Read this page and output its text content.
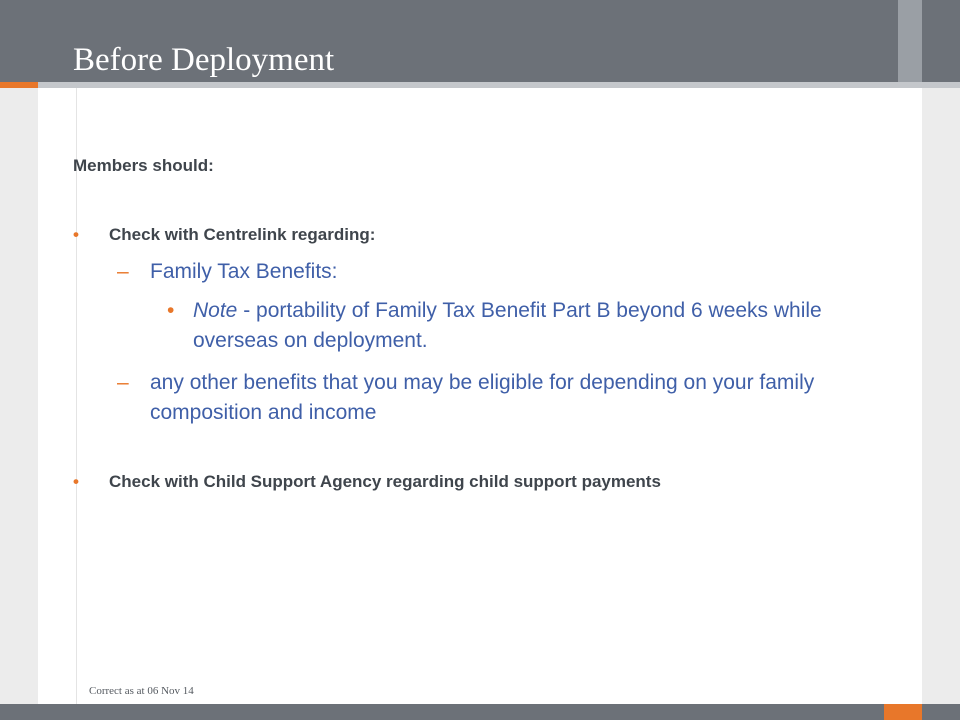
Before Deployment
Members should:
• Check with Centrelink regarding:
– Family Tax Benefits:
• Note - portability of Family Tax Benefit Part B beyond 6 weeks while overseas on deployment.
– any other benefits that you may be eligible for depending on your family composition and income
• Check with Child Support Agency regarding child support payments
Correct as at 06 Nov 14
